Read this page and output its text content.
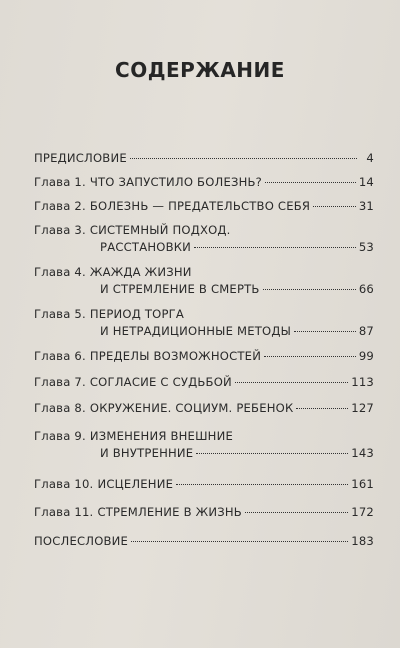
СОДЕРЖАНИЕ
ПРЕДИСЛОВИЕ	4
Глава 1. ЧТО ЗАПУСТИЛО БОЛЕЗНЬ?	14
Глава 2. БОЛЕЗНЬ — ПРЕДАТЕЛЬСТВО СЕБЯ	31
Глава 3. СИСТЕМНЫЙ ПОДХОД.
РАССТАНОВКИ	53
Глава 4. ЖАЖДА ЖИЗНИ
И СТРЕМЛЕНИЕ В СМЕРТЬ	66
Глава 5. ПЕРИОД ТОРГА
И НЕТРАДИЦИОННЫЕ МЕТОДЫ	87
Глава 6. ПРЕДЕЛЫ ВОЗМОЖНОСТЕЙ	99
Глава 7. СОГЛАСИЕ С СУДЬБОЙ	113
Глава 8. ОКРУЖЕНИЕ. СОЦИУМ. РЕБЕНОК	127
Глава 9. ИЗМЕНЕНИЯ ВНЕШНИЕ
И ВНУТРЕННИЕ	143
Глава 10. ИСЦЕЛЕНИЕ	161
Глава 11. СТРЕМЛЕНИЕ В ЖИЗНЬ	172
ПОСЛЕСЛОВИЕ	183
